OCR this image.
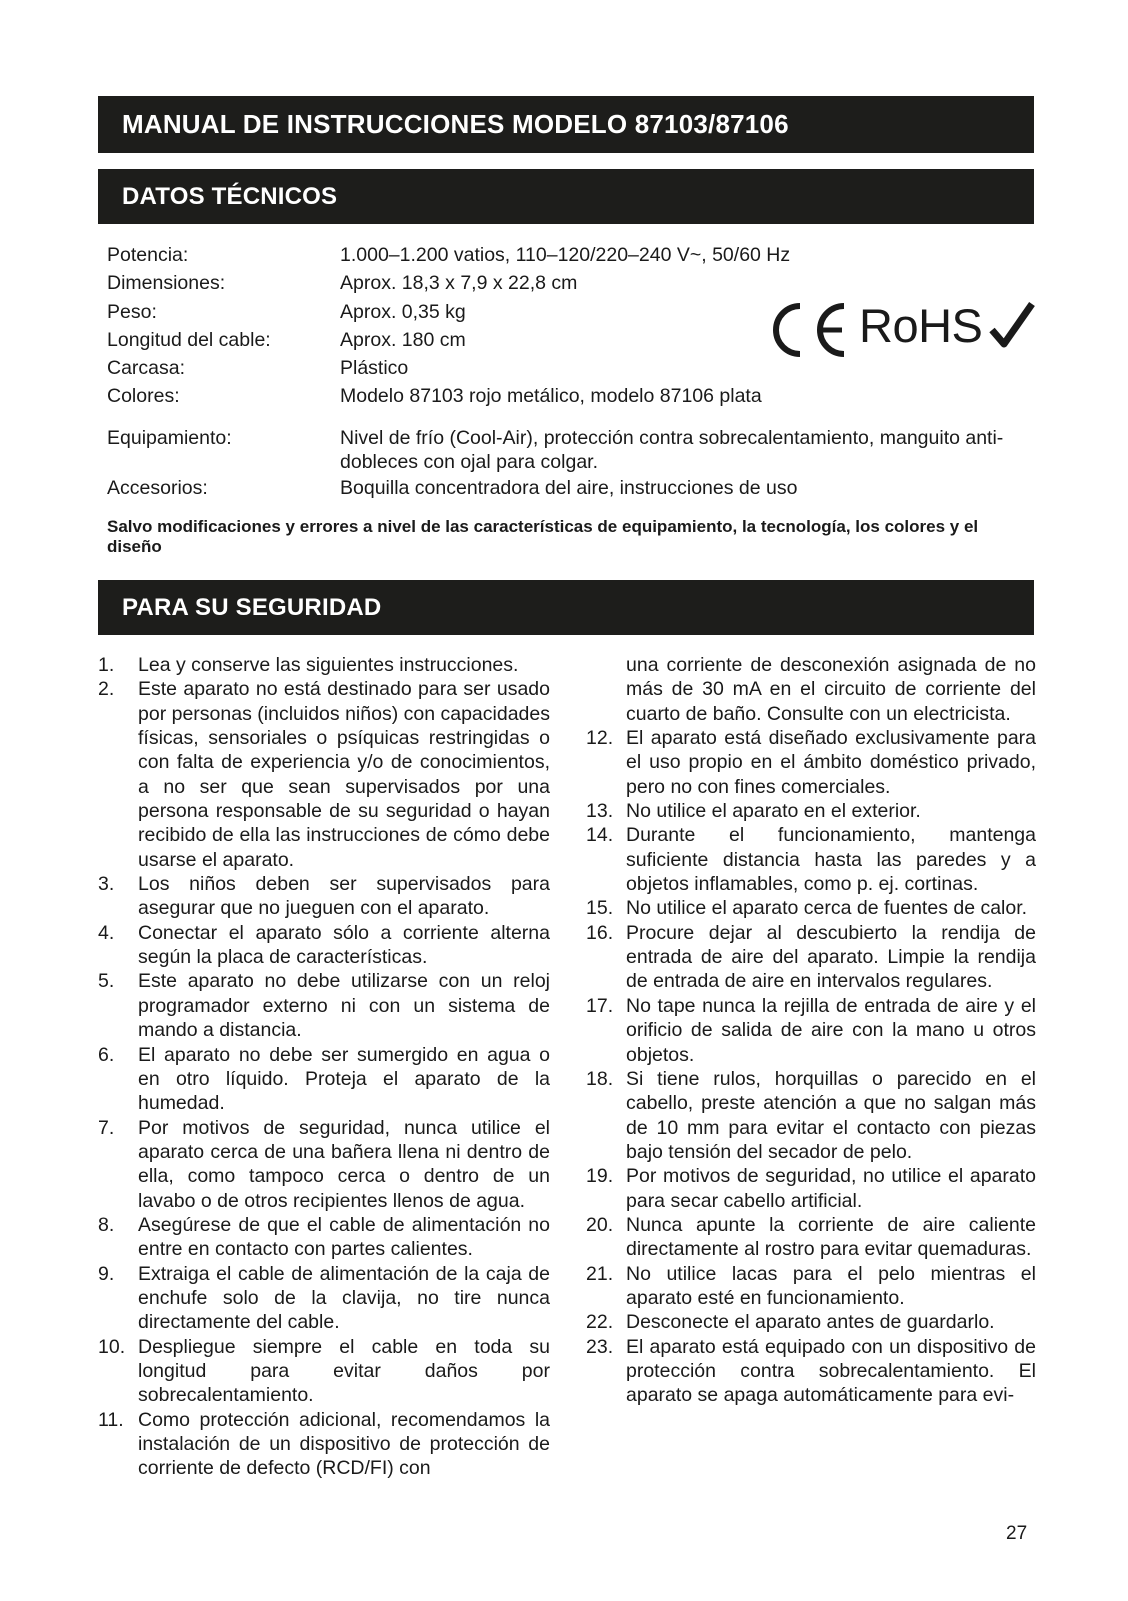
MANUAL DE INSTRUCCIONES MODELO 87103/87106
DATOS TÉCNICOS
Potencia:	1.000–1.200 vatios, 110–120/220–240 V~, 50/60 Hz
Dimensiones:	Aprox. 18,3 x 7,9 x 22,8 cm
Peso:	Aprox. 0,35 kg
Longitud del cable:	Aprox. 180 cm
Carcasa:	Plástico
Colores:	Modelo 87103 rojo metálico, modelo 87106 plata
Equipamiento:	Nivel de frío (Cool-Air), protección contra sobrecalentamiento, manguito anti-dobleces con ojal para colgar.
Accesorios:	Boquilla concentradora del aire, instrucciones de uso
RoHS
Salvo modificaciones y errores a nivel de las características de equipamiento, la tecnología, los colores y el diseño
PARA SU SEGURIDAD
1. Lea y conserve las siguientes instrucciones.
2. Este aparato no está destinado para ser usado por personas (incluidos niños) con capacidades físicas, sensoriales o psíquicas restringidas o con falta de experiencia y/o de conocimientos, a no ser que sean supervisados por una persona responsable de su seguridad o hayan recibido de ella las instrucciones de cómo debe usarse el aparato.
3. Los niños deben ser supervisados para asegurar que no jueguen con el aparato.
4. Conectar el aparato sólo a corriente alterna según la placa de características.
5. Este aparato no debe utilizarse con un reloj programador externo ni con un sistema de mando a distancia.
6. El aparato no debe ser sumergido en agua o en otro líquido. Proteja el aparato de la humedad.
7. Por motivos de seguridad, nunca utilice el aparato cerca de una bañera llena ni dentro de ella, como tampoco cerca o dentro de un lavabo o de otros recipientes llenos de agua.
8. Asegúrese de que el cable de alimentación no entre en contacto con partes calientes.
9. Extraiga el cable de alimentación de la caja de enchufe solo de la clavija, no tire nunca directamente del cable.
10. Despliegue siempre el cable en toda su longitud para evitar daños por sobrecalentamiento.
11. Como protección adicional, recomendamos la instalación de un dispositivo de protección de corriente de defecto (RCD/FI) con
una corriente de desconexión asignada de no más de 30 mA en el circuito de corriente del cuarto de baño. Consulte con un electricista.
12. El aparato está diseñado exclusivamente para el uso propio en el ámbito doméstico privado, pero no con fines comerciales.
13. No utilice el aparato en el exterior.
14. Durante el funcionamiento, mantenga suficiente distancia hasta las paredes y a objetos inflamables, como p. ej. cortinas.
15. No utilice el aparato cerca de fuentes de calor.
16. Procure dejar al descubierto la rendija de entrada de aire del aparato. Limpie la rendija de entrada de aire en intervalos regulares.
17. No tape nunca la rejilla de entrada de aire y el orificio de salida de aire con la mano u otros objetos.
18. Si tiene rulos, horquillas o parecido en el cabello, preste atención a que no salgan más de 10 mm para evitar el contacto con piezas bajo tensión del secador de pelo.
19. Por motivos de seguridad, no utilice el aparato para secar cabello artificial.
20. Nunca apunte la corriente de aire caliente directamente al rostro para evitar quemaduras.
21. No utilice lacas para el pelo mientras el aparato esté en funcionamiento.
22. Desconecte el aparato antes de guardarlo.
23. El aparato está equipado con un dispositivo de protección contra sobrecalentamiento. El aparato se apaga automáticamente para evi-
27
